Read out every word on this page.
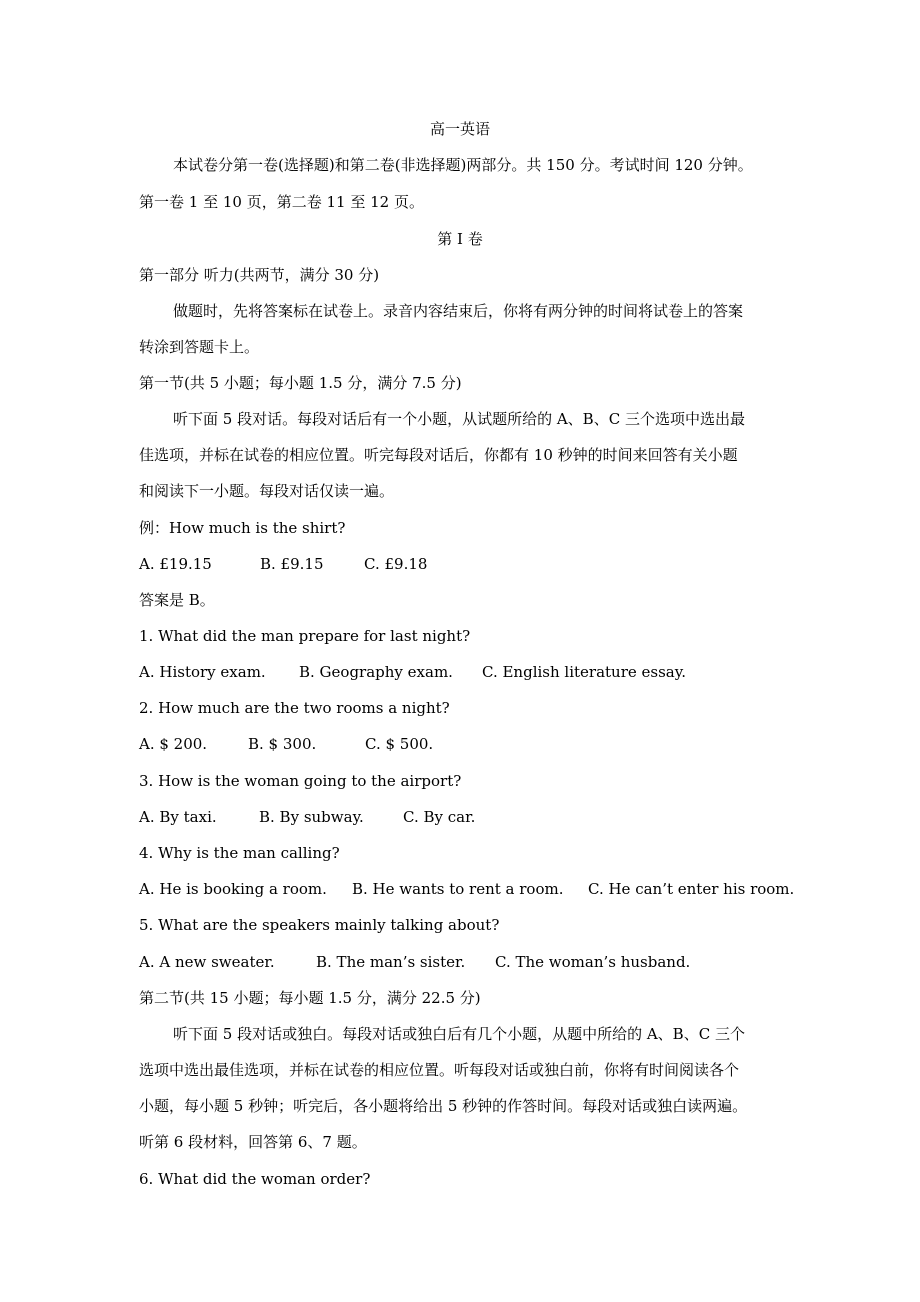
高一英语
本试卷分第一卷(选择题)和第二卷(非选择题)两部分。共 150 分。考试时间 120 分钟。
第一卷 1 至 10 页，第二卷 11 至 12 页。
第 I 卷
第一部分 听力(共两节，满分 30 分)
做题时，先将答案标在试卷上。录音内容结束后，你将有两分钟的时间将试卷上的答案
转涂到答题卡上。
第一节(共 5 小题；每小题 1.5 分，满分 7.5 分)
听下面 5 段对话。每段对话后有一个小题，从试题所给的 A、B、C 三个选项中选出最
佳选项，并标在试卷的相应位置。听完每段对话后，你都有 10 秒钟的时间来回答有关小题
和阅读下一小题。每段对话仅读一遍。
例：How much is the shirt?
A. £19.15	B. £9.15	C. £9.18
答案是 B。
1. What did the man prepare for last night?
A. History exam. B. Geography exam. C. English literature essay.
2. How much are the two rooms a night?
A. $ 200.	B. $ 300.	C. $ 500.
3. How is the woman going to the airport?
A. By taxi.	B. By subway.	C. By car.
4. Why is the man calling?
A. He is booking a room. B. He wants to rent a room. C. He can’t enter his room.
5. What are the speakers mainly talking about?
A. A new sweater.	B. The man’s sister. C. The woman’s husband.
第二节(共 15 小题；每小题 1.5 分，满分 22.5 分)
听下面 5 段对话或独白。每段对话或独白后有几个小题，从题中所给的 A、B、C 三个
选项中选出最佳选项，并标在试卷的相应位置。听每段对话或独白前，你将有时间阅读各个
小题，每小题 5 秒钟；听完后，各小题将给出 5 秒钟的作答时间。每段对话或独白读两遍。
听第 6 段材料，回答第 6、7 题。
6. What did the woman order?
